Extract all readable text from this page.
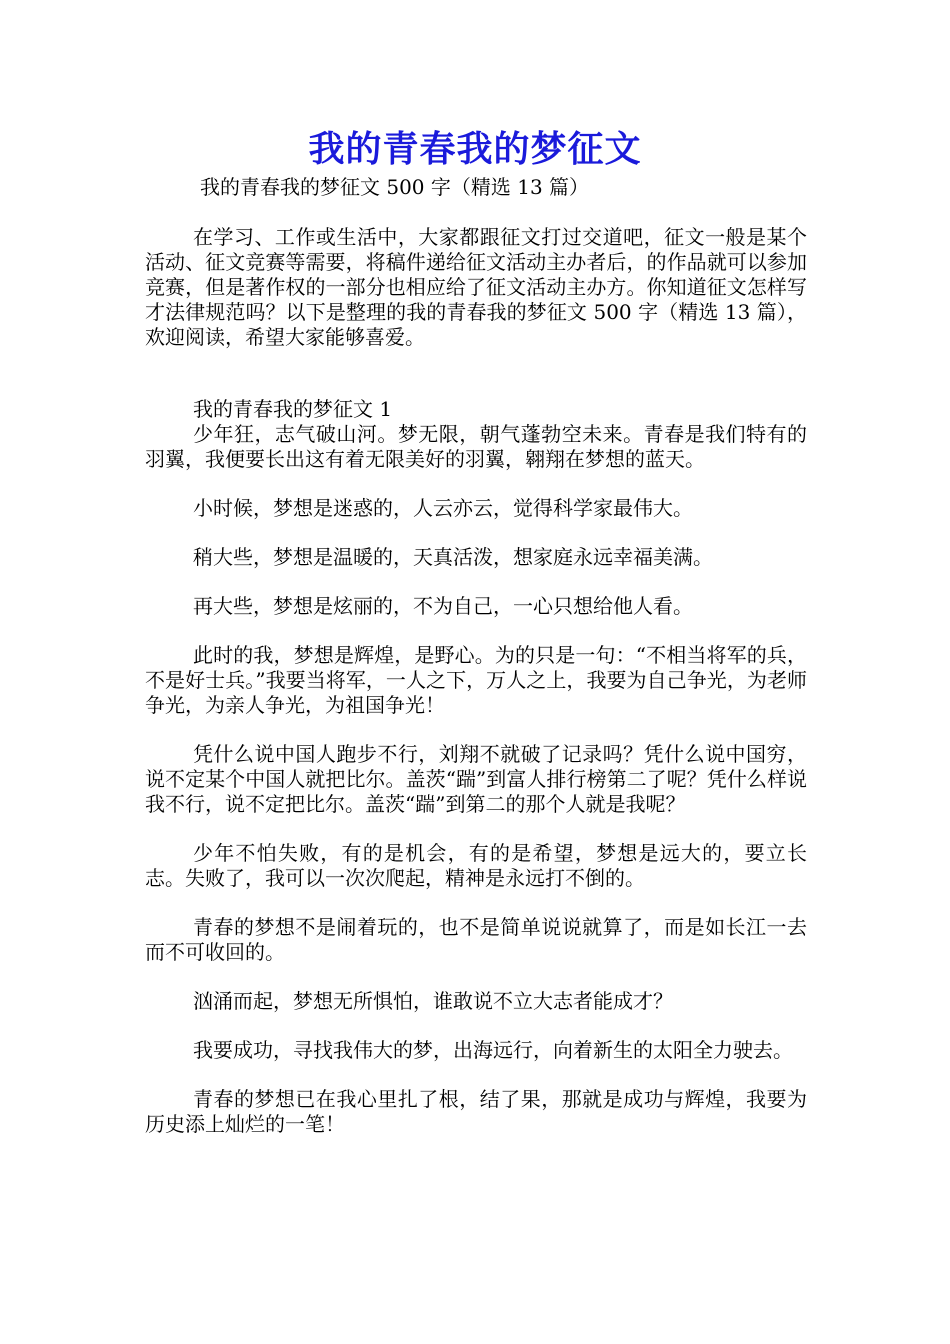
我的青春我的梦征文

我的青春我的梦征文 500 字（精选 13 篇）

在学习、工作或生活中，大家都跟征文打过交道吧，征文一般是某个活动、征文竞赛等需要，将稿件递给征文活动主办者后，的作品就可以参加竞赛，但是著作权的一部分也相应给了征文活动主办方。你知道征文怎样写才法律规范吗？以下是整理的我的青春我的梦征文 500 字（精选 13 篇），欢迎阅读，希望大家能够喜爱。

我的青春我的梦征文 1

少年狂，志气破山河。梦无限，朝气蓬勃空未来。青春是我们特有的羽翼，我便要长出这有着无限美好的羽翼，翱翔在梦想的蓝天。

小时候，梦想是迷惑的，人云亦云，觉得科学家最伟大。

稍大些，梦想是温暖的，天真活泼，想家庭永远幸福美满。

再大些，梦想是炫丽的，不为自己，一心只想给他人看。

此时的我，梦想是辉煌，是野心。为的只是一句：“不相当将军的兵，不是好士兵。”我要当将军，一人之下，万人之上，我要为自己争光，为老师争光，为亲人争光，为祖国争光！

凭什么说中国人跑步不行，刘翔不就破了记录吗？凭什么说中国穷，说不定某个中国人就把比尔。盖茨“踹”到富人排行榜第二了呢？凭什么样说我不行，说不定把比尔。盖茨“踹”到第二的那个人就是我呢？

少年不怕失败，有的是机会，有的是希望，梦想是远大的，要立长志。失败了，我可以一次次爬起，精神是永远打不倒的。

青春的梦想不是闹着玩的，也不是简单说说就算了，而是如长江一去而不可收回的。

汹涌而起，梦想无所惧怕，谁敢说不立大志者能成才？

我要成功，寻找我伟大的梦，出海远行，向着新生的太阳全力驶去。

青春的梦想已在我心里扎了根，结了果，那就是成功与辉煌，我要为历史添上灿烂的一笔！
